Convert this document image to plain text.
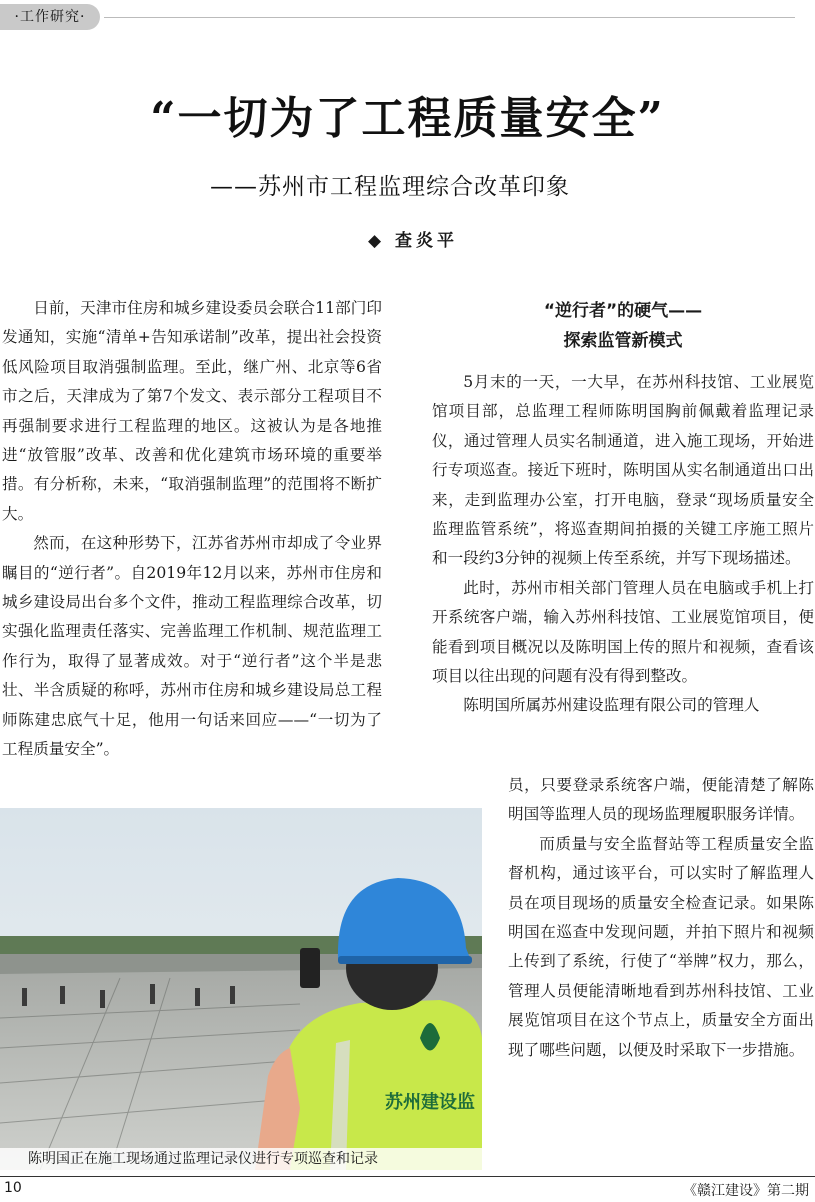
·工作研究·
“一切为了工程质量安全”
——苏州市工程监理综合改革印象
◆ 查炎平

日前，天津市住房和城乡建设委员会联合11部门印发通知，实施“清单+告知承诺制”改革，提出社会投资低风险项目取消强制监理。至此，继广州、北京等6省市之后，天津成为了第7个发文、表示部分工程项目不再强制要求进行工程监理的地区。这被认为是各地推进“放管服”改革、改善和优化建筑市场环境的重要举措。有分析称，未来，“取消强制监理”的范围将不断扩大。

然而，在这种形势下，江苏省苏州市却成了令业界瞩目的“逆行者”。自2019年12月以来，苏州市住房和城乡建设局出台多个文件，推动工程监理综合改革，切实强化监理责任落实、完善监理工作机制、规范监理工作行为，取得了显著成效。对于“逆行者”这个半是悲壮、半含质疑的称呼，苏州市住房和城乡建设局总工程师陈建忠底气十足，他用一句话来回应——“一切为了工程质量安全”。

“逆行者”的硬气——
探索监管新模式

5月末的一天，一大早，在苏州科技馆、工业展览馆项目部，总监理工程师陈明国胸前佩戴着监理记录仪，通过管理人员实名制通道，进入施工现场，开始进行专项巡查。接近下班时，陈明国从实名制通道出口出来，走到监理办公室，打开电脑，登录“现场质量安全监理监管系统”，将巡查期间拍摄的关键工序施工照片和一段约3分钟的视频上传至系统，并写下现场描述。

此时，苏州市相关部门管理人员在电脑或手机上打开系统客户端，输入苏州科技馆、工业展览馆项目，便能看到项目概况以及陈明国上传的照片和视频，查看该项目以往出现的问题有没有得到整改。

陈明国所属苏州建设监理有限公司的管理人

员，只要登录系统客户端，便能清楚了解陈明国等监理人员的现场监理履职服务详情。

而质量与安全监督站等工程质量安全监督机构，通过该平台，可以实时了解监理人员在项目现场的质量安全检查记录。如果陈明国在巡查中发现问题，并拍下照片和视频上传到了系统，行使了“举牌”权力，那么，管理人员便能清晰地看到苏州科技馆、工业展览馆项目在这个节点上，质量安全方面出现了哪些问题，以便及时采取下一步措施。

苏州建设监
陈明国正在施工现场通过监理记录仪进行专项巡查和记录
10	《赣江建设》第二期
